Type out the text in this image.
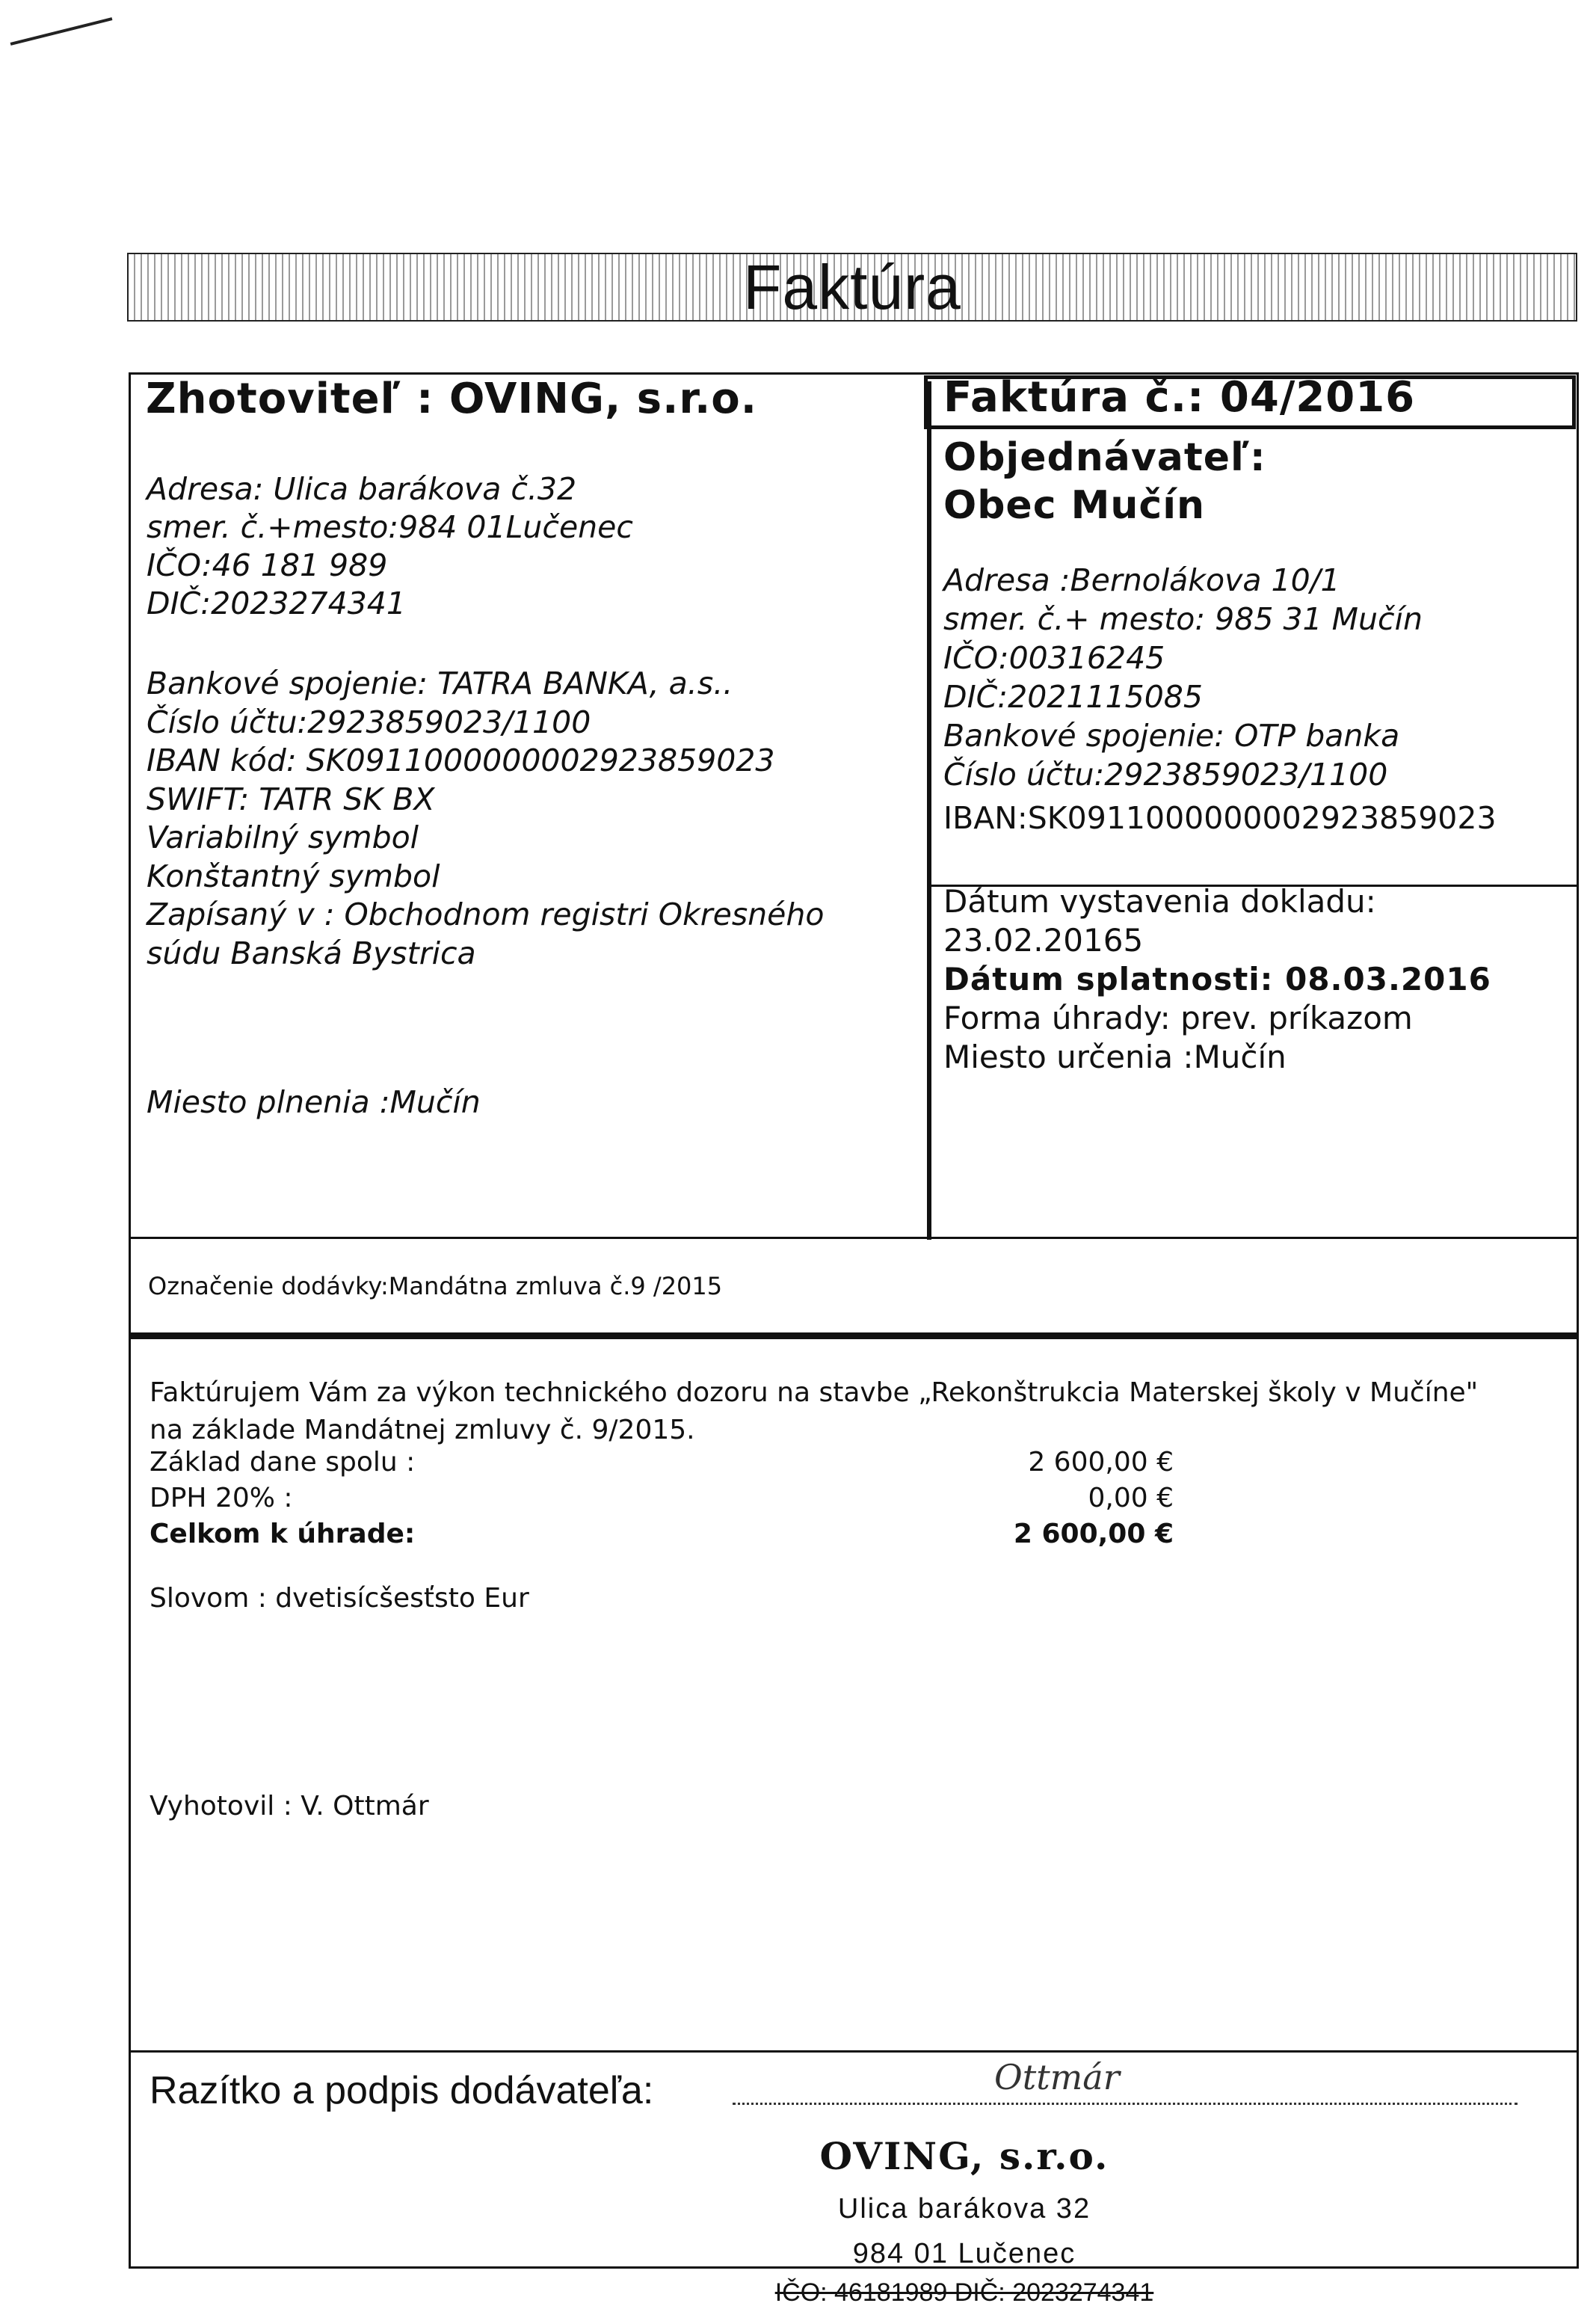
Faktúra
Zhotoviteľ : OVING, s.r.o.
Adresa: Ulica barákova č.32
smer. č.+mesto:984 01Lučenec
IČO:46 181 989
DIČ:2023274341
Bankové spojenie: TATRA BANKA, a.s..
Číslo účtu:2923859023/1100
IBAN kód: SK0911000000002923859023
SWIFT: TATR SK BX
Variabilný symbol
Konštantný symbol
Zapísaný v : Obchodnom registri Okresného
súdu Banská Bystrica
Miesto plnenia :Mučín
Faktúra č.: 04/2016
Objednávateľ:
Obec Mučín
Adresa :Bernolákova 10/1
smer. č.+ mesto: 985 31 Mučín
IČO:00316245
DIČ:2021115085
Bankové spojenie: OTP banka
Číslo účtu:2923859023/1100
IBAN:SK0911000000002923859023
Dátum vystavenia dokladu:
23.02.20165
Dátum splatnosti: 08.03.2016
Forma úhrady: prev. príkazom
Miesto určenia :Mučín
Označenie dodávky:Mandátna zmluva č.9 /2015
Faktúrujem Vám za výkon technického dozoru na stavbe „Rekonštrukcia Materskej školy v Mučíne"
na základe Mandátnej zmluvy č. 9/2015.
Základ dane spolu :
DPH 20% :
Celkom k úhrade:
2 600,00 €
0,00 €
2 600,00 €
Slovom : dvetisícšesťsto Eur
Vyhotovil : V. Ottmár
Razítko a podpis dodávateľa:	Ottmár
OVING, s.r.o.
Ulica barákova 32
984 01 Lučenec
IČO: 46181989 DIČ: 2023274341
